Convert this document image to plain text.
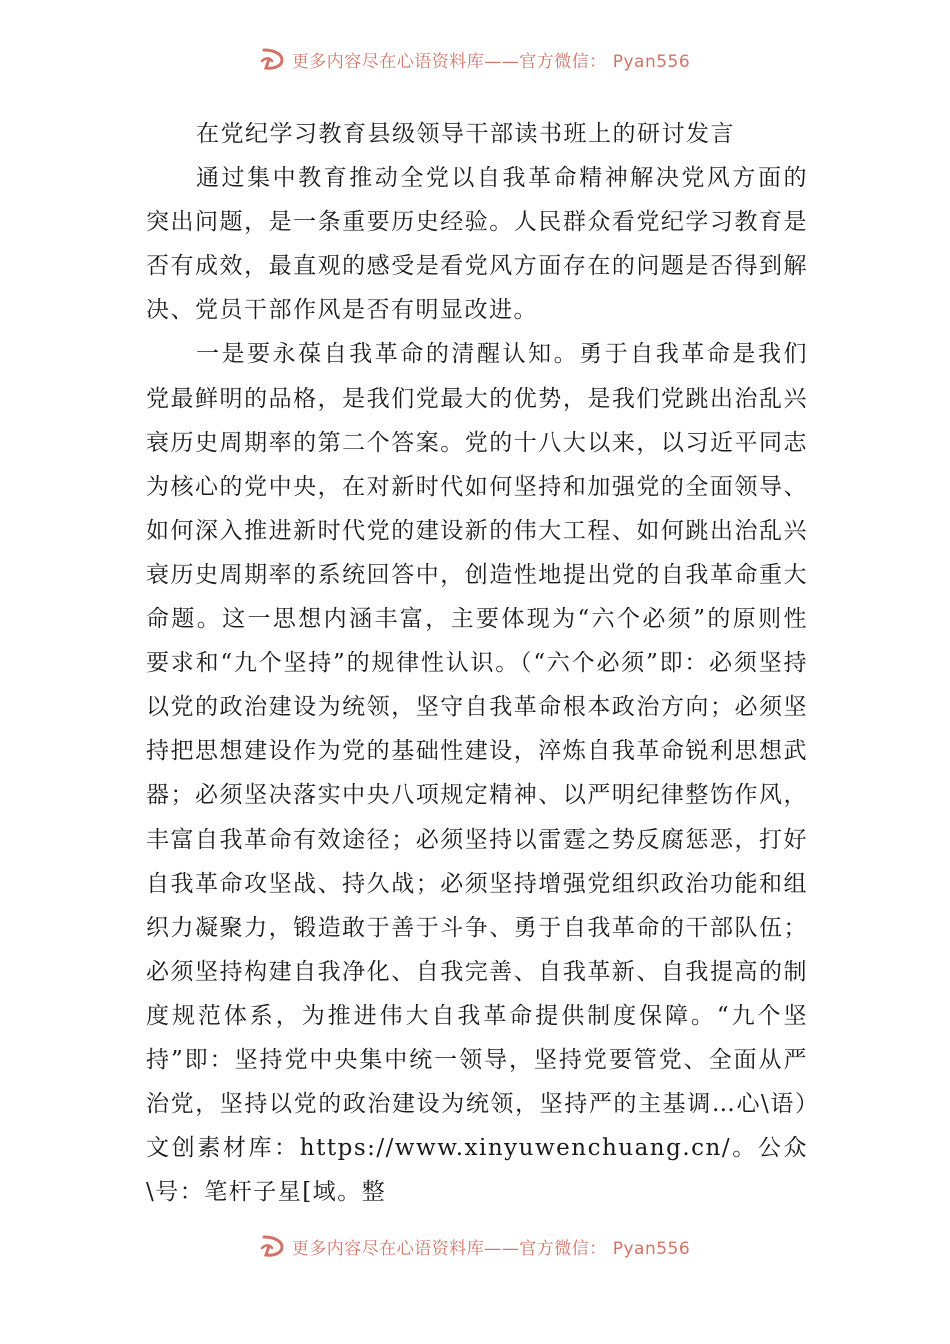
更多内容尽在心语资料库——官方微信： Pyan556

在党纪学习教育县级领导干部读书班上的研讨发言

通过集中教育推动全党以自我革命精神解决党风方面的突出问题，是一条重要历史经验。人民群众看党纪学习教育是否有成效，最直观的感受是看党风方面存在的问题是否得到解决、党员干部作风是否有明显改进。

一是要永葆自我革命的清醒认知。勇于自我革命是我们党最鲜明的品格，是我们党最大的优势，是我们党跳出治乱兴衰历史周期率的第二个答案。党的十八大以来，以习近平同志为核心的党中央，在对新时代如何坚持和加强党的全面领导、如何深入推进新时代党的建设新的伟大工程、如何跳出治乱兴衰历史周期率的系统回答中，创造性地提出党的自我革命重大命题。这一思想内涵丰富，主要体现为“六个必须”的原则性要求和“九个坚持”的规律性认识。（“六个必须”即：必须坚持以党的政治建设为统领，坚守自我革命根本政治方向；必须坚持把思想建设作为党的基础性建设，淬炼自我革命锐利思想武器；必须坚决落实中央八项规定精神、以严明纪律整饬作风，丰富自我革命有效途径；必须坚持以雷霆之势反腐惩恶，打好自我革命攻坚战、持久战；必须坚持增强党组织政治功能和组织力凝聚力，锻造敢于善于斗争、勇于自我革命的干部队伍；必须坚持构建自我净化、自我完善、自我革新、自我提高的制度规范体系，为推进伟大自我革命提供制度保障。“九个坚持”即：坚持党中央集中统一领导，坚持党要管党、全面从严治党，坚持以党的政治建设为统领，坚持严的主基调…心\语）文创素材库：https://www.xinyuwenchuang.cn/。公众\号：笔杆子星[域。整

更多内容尽在心语资料库——官方微信： Pyan556
